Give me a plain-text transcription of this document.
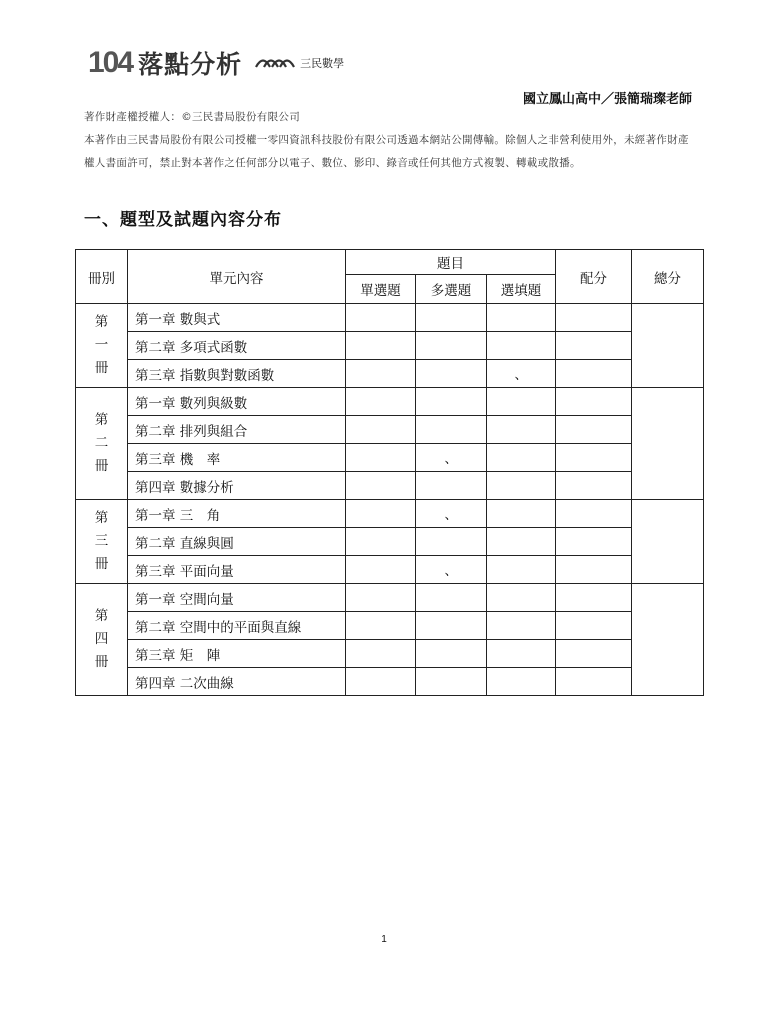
104 落點分析	三民數學
國立鳳山高中／張簡瑞璨老師

著作財產權授權人：©三民書局股份有限公司

本著作由三民書局股份有限公司授權一零四資訊科技股份有限公司透過本網站公開傳輸。除個人之非營利使用外，未經著作財產權人書面許可，禁止對本著作之任何部分以電子、數位、影印、錄音或任何其他方式複製、轉載或散播。

一、題型及試題內容分布
冊別	單元內容	題目			配分	總分
		單選題	多選題	選填題		

第
一
冊	第一章 數與式					
	第二章 多項式函數					
	第三章 指數與對數函數			、		

第
二
冊	第一章 數列與級數					
	第二章 排列與組合					
	第三章 機　率		、			
	第四章 數據分析					

第
三
冊	第一章 三　角		、			
	第二章 直線與圓					
	第三章 平面向量		、			

第
四
冊	第一章 空間向量					
	第二章 空間中的平面與直線					
	第三章 矩　陣					
	第四章 二次曲線					
1
